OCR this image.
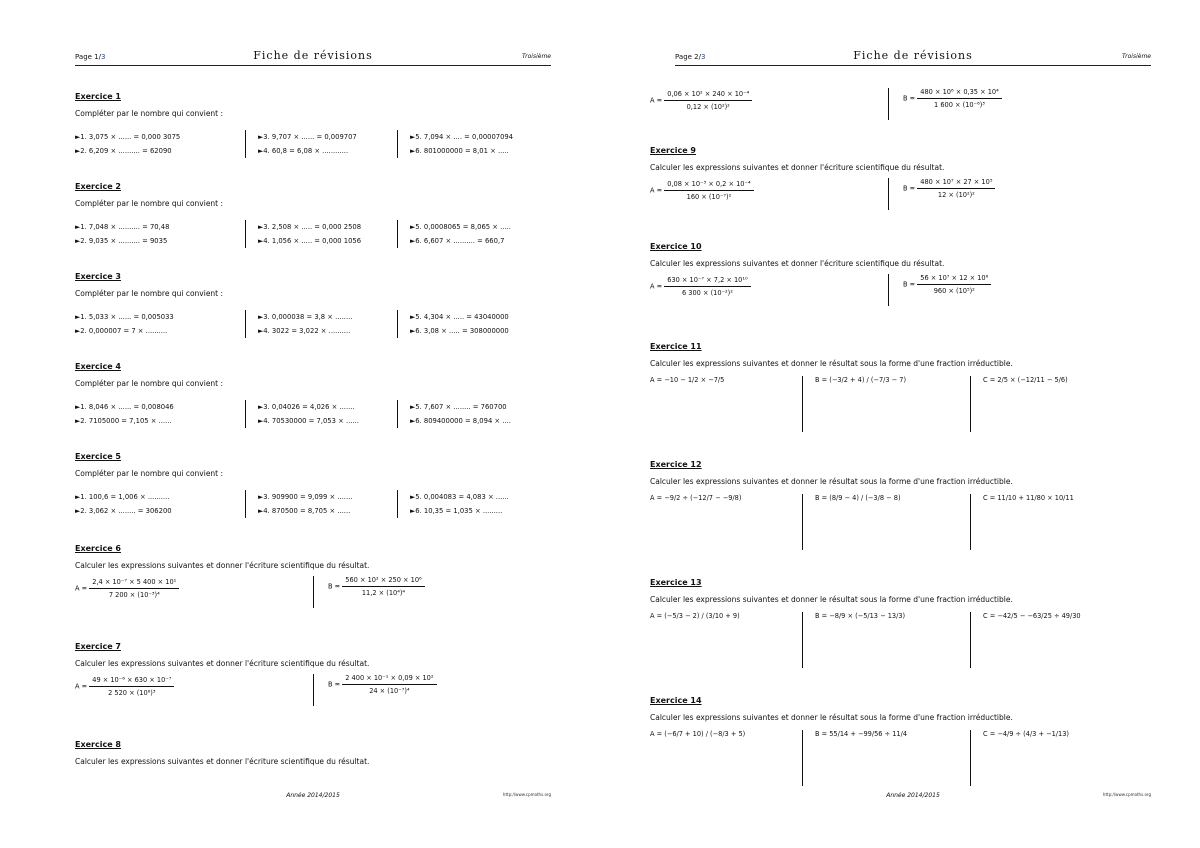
Page 1/3	Fiche de révisions	Troisième
Exercice 1
Compléter par le nombre qui convient :
►1. 3,075 × ...... = 0,000 3075
►2. 6,209 × .......... = 62090
►3. 9,707 × ...... = 0,009707
►4. 60,8 = 6,08 × ............
►5. 7,094 × .... = 0,00007094
►6. 801000000 = 8,01 × .....
Exercice 2
Compléter par le nombre qui convient :
►1. 7,048 × .......... = 70,48
►2. 9,035 × .......... = 9035
►3. 2,508 × ..... = 0,000 2508
►4. 1,056 × ..... = 0,000 1056
►5. 0,0008065 = 8,065 × .....
►6. 6,607 × .......... = 660,7
Exercice 3
Compléter par le nombre qui convient :
►1. 5,033 × ...... = 0,005033
►2. 0,000007 = 7 × ..........
►3. 0,000038 = 3,8 × ........
►4. 3022 = 3,022 × ..........
►5. 4,304 × ..... = 43040000
►6. 3,08 × ..... = 308000000
Exercice 4
Compléter par le nombre qui convient :
►1. 8,046 × ...... = 0,008046
►2. 7105000 = 7,105 × ......
►3. 0,04026 = 4,026 × .......
►4. 70530000 = 7,053 × ......
►5. 7,607 × ........ = 760700
►6. 809400000 = 8,094 × ....
Exercice 5
Compléter par le nombre qui convient :
►1. 100,6 = 1,006 × ..........
►2. 3,062 × ........ = 306200
►3. 909900 = 9,099 × .......
►4. 870500 = 8,705 × ......
►5. 0,004083 = 4,083 × ......
►6. 10,35 = 1,035 × .........
Exercice 6
Calculer les expressions suivantes et donner l'écriture scientifique du résultat.
$A = \frac{\text{2,4 × 10⁻⁷ × 5 400 × 10¹}}{\text{7 200 × (10⁻³)⁴}}$	$B = \frac{\text{560 × 10² × 250 × 10⁶}}{\text{11,2 × (10⁴)⁴}}$
Exercice 7
Calculer les expressions suivantes et donner l'écriture scientifique du résultat.
$A = \frac{\text{49 × 10⁻⁶ × 630 × 10⁻⁷}}{\text{2 520 × (10⁶)³}}$	$B = \frac{\text{2 400 × 10⁻¹ × 0,09 × 10²}}{\text{24 × (10⁻⁷)⁴}}$
Exercice 8
Calculer les expressions suivantes et donner l'écriture scientifique du résultat.
Année 2014/2015	http://www.cpmaths.org
Page 2/3	Fiche de révisions	Troisième
$A = \frac{\text{0,06 × 10² × 240 × 10⁻⁴}}{\text{0,12 × (10²)²}}$	$B = \frac{\text{480 × 10⁶ × 0,35 × 10⁴}}{\text{1 600 × (10⁻⁶)³}}$
Exercice 9
Calculer les expressions suivantes et donner l'écriture scientifique du résultat.
$A = \frac{\text{0,08 × 10⁻³ × 0,2 × 10⁻⁴}}{\text{160 × (10⁻⁷)²}}$	$B = \frac{\text{480 × 10⁷ × 27 × 10⁵}}{\text{12 × (10²)²}}$
Exercice 10
Calculer les expressions suivantes et donner l'écriture scientifique du résultat.
$A = \frac{\text{630 × 10⁻⁷ × 7,2 × 10¹⁰}}{\text{6 300 × (10⁻²)²}}$	$B = \frac{\text{56 × 10⁷ × 12 × 10⁶}}{\text{960 × (10⁵)²}}$
Exercice 11
Calculer les expressions suivantes et donner le résultat sous la forme d'une fraction irréductible.
A = −10 − 1/2 × −7/5	B = (−3/2 + 4) / (−7/3 − 7)	C = 2/5 × (−12/11 − 5/6)
Exercice 12
Calculer les expressions suivantes et donner le résultat sous la forme d'une fraction irréductible.
A = −9/2 ÷ (−12/7 − −9/8)	B = (8/9 − 4) / (−3/8 − 8)	C = 11/10 + 11/80 × 10/11
Exercice 13
Calculer les expressions suivantes et donner le résultat sous la forme d'une fraction irréductible.
A = (−5/3 − 2) / (3/10 + 9)	B = −8/9 × (−5/13 − 13/3)	C = −42/5 − −63/25 ÷ 49/30
Exercice 14
Calculer les expressions suivantes et donner le résultat sous la forme d'une fraction irréductible.
A = (−6/7 + 10) / (−8/3 + 5)	B = 55/14 + −99/56 ÷ 11/4	C = −4/9 ÷ (4/3 + −1/13)
Année 2014/2015	http://www.cpmaths.org
